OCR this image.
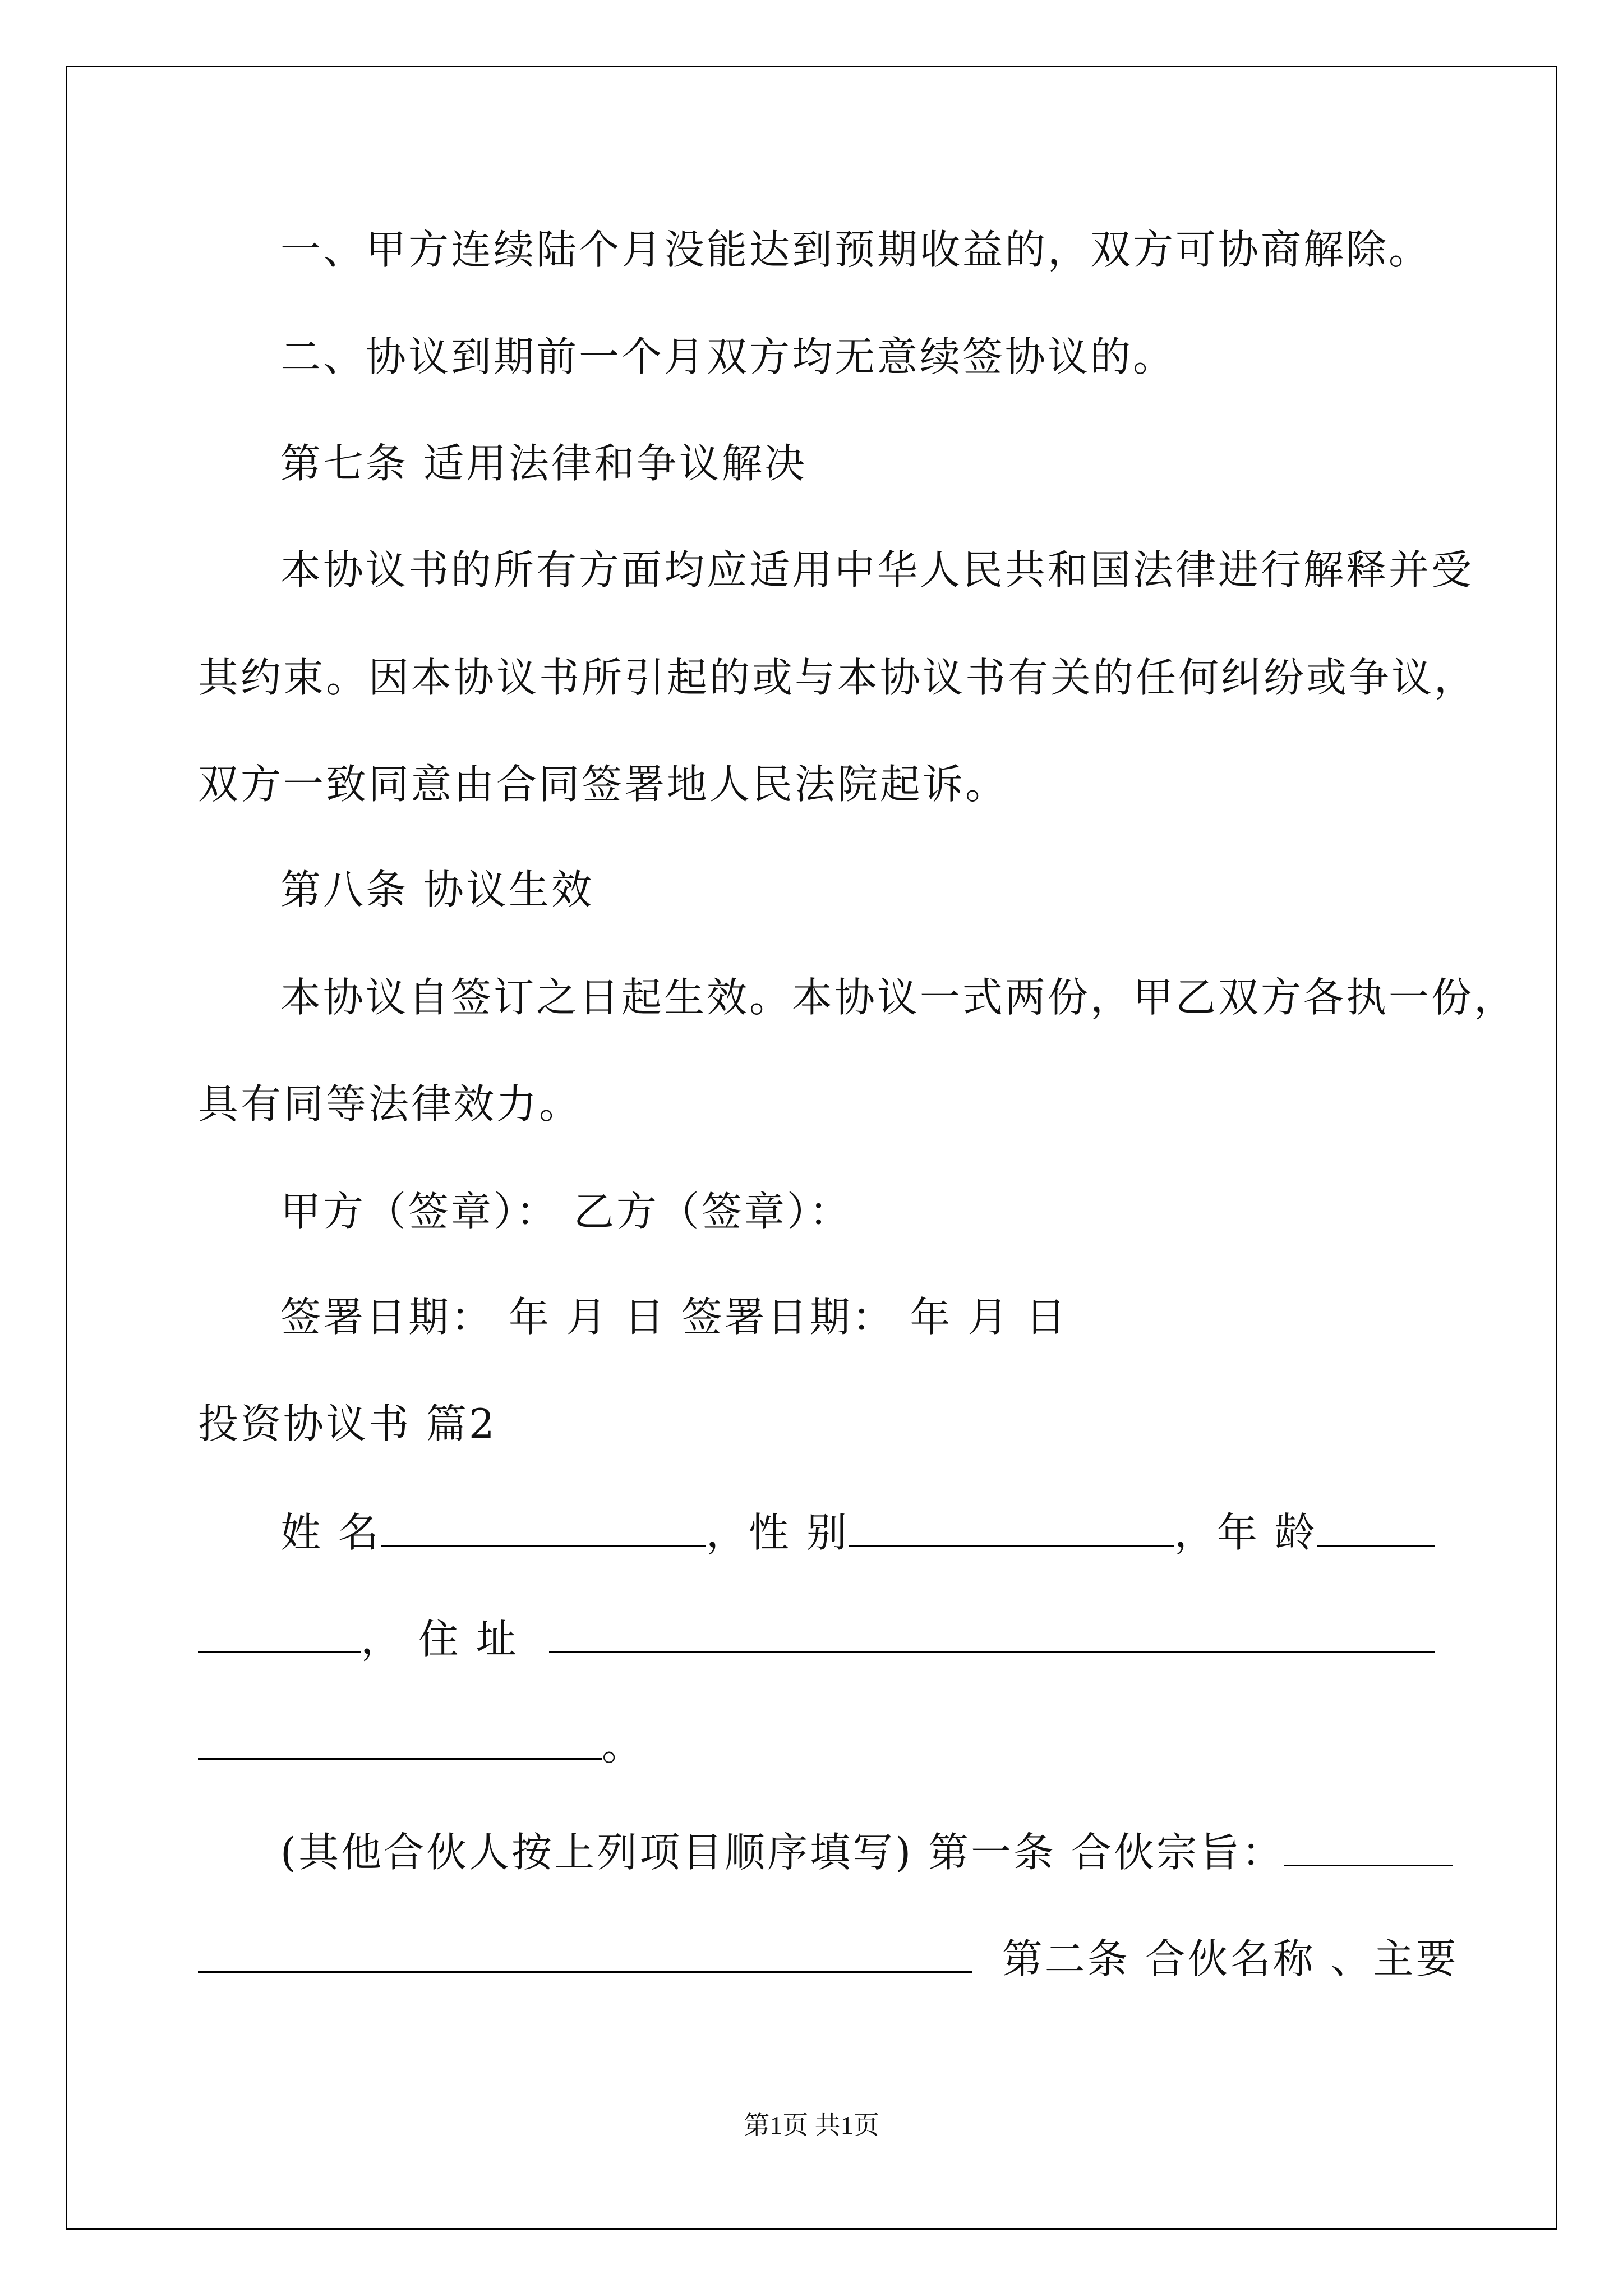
一、甲方连续陆个月没能达到预期收益的，双方可协商解除。
二、协议到期前一个月双方均无意续签协议的。
第七条 适用法律和争议解决
本协议书的所有方面均应适用中华人民共和国法律进行解释并受
其约束。因本协议书所引起的或与本协议书有关的任何纠纷或争议，
双方一致同意由合同签署地人民法院起诉。
第八条 协议生效
本协议自签订之日起生效。本协议一式两份，甲乙双方各执一份，
具有同等法律效力。
甲方（签章）： 乙方（签章）：
签署日期： 年 月 日 签署日期： 年 月 日
投资协议书 篇2
姓 名	，性 别	，年 龄
， 住 址
。
(其他合伙人按上列项目顺序填写) 第一条 合伙宗旨：
第二条 合伙名称 、主要
第1页 共1页
